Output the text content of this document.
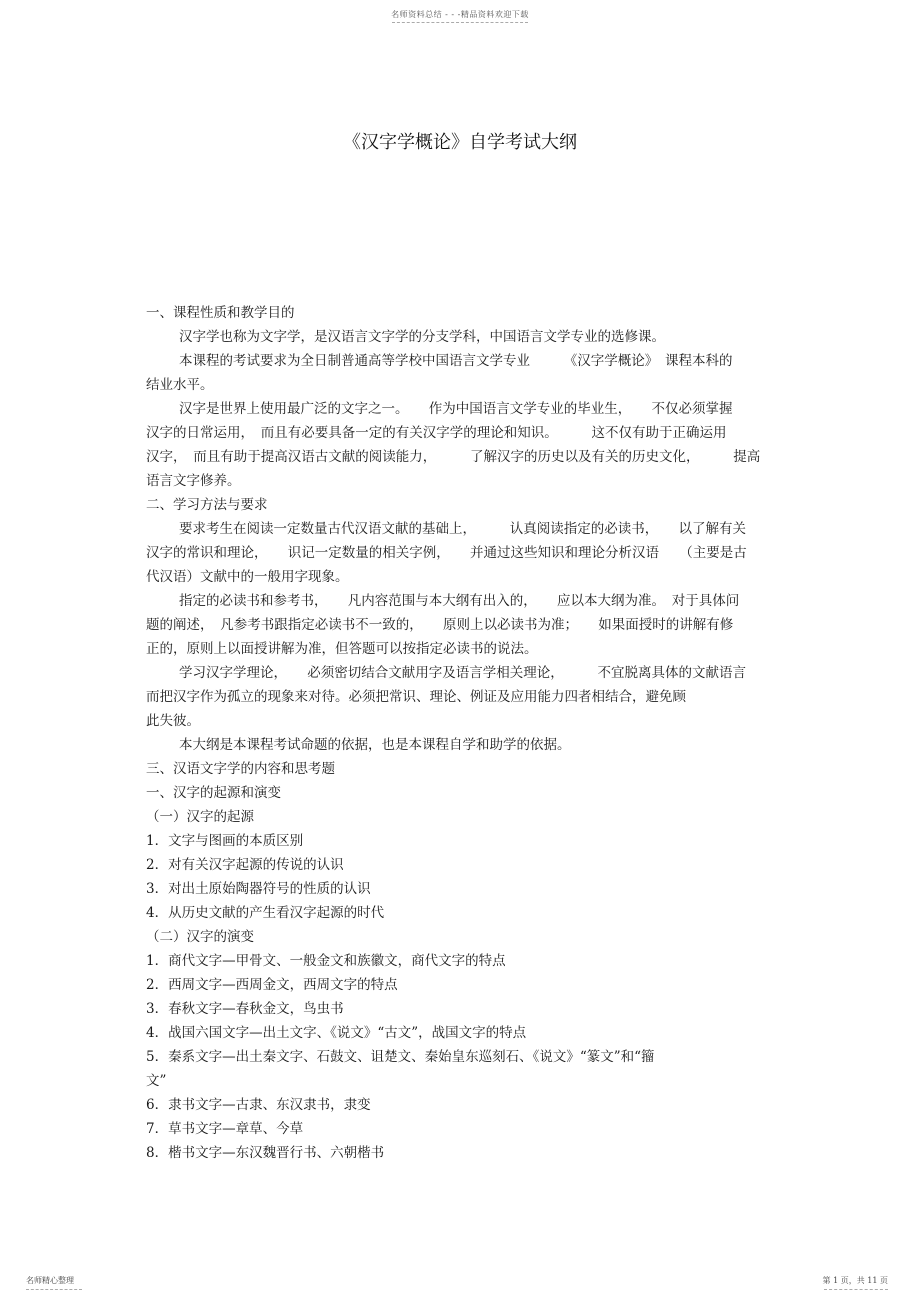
名师资料总结 - - -精品资料欢迎下载
《汉字学概论》自学考试大纲
一、课程性质和教学目的
汉字学也称为文字学，是汉语言文字学的分支学科，中国语言文学专业的选修课。
本课程的考试要求为全日制普通高等学校中国语言文学专业　　　《汉字学概论》　课程本科的
结业水平。
汉字是世界上使用最广泛的文字之一。　　作为中国语言文学专业的毕业生，　　不仅必须掌握
汉字的日常运用，　而且有必要具备一定的有关汉字学的理论和知识。　　　这不仅有助于正确运用
汉字，　而且有助于提高汉语古文献的阅读能力，　　　了解汉字的历史以及有关的历史文化，　　　提高
语言文字修养。
二、学习方法与要求
要求考生在阅读一定数量古代汉语文献的基础上，　　　认真阅读指定的必读书，　　以了解有关
汉字的常识和理论，　　识记一定数量的相关字例，　　并通过这些知识和理论分析汉语　　（主要是古
代汉语）文献中的一般用字现象。
指定的必读书和参考书，　　凡内容范围与本大纲有出入的，　　应以本大纲为准。　对于具体问
题的阐述，　凡参考书跟指定必读书不一致的，　　原则上以必读书为准；　　如果面授时的讲解有修
正的，原则上以面授讲解为准，但答题可以按指定必读书的说法。
学习汉字学理论，　　必须密切结合文献用字及语言学相关理论，　　　不宜脱离具体的文献语言
而把汉字作为孤立的现象来对待。必须把常识、理论、例证及应用能力四者相结合，避免顾
此失彼。
本大纲是本课程考试命题的依据，也是本课程自学和助学的依据。
三、汉语文字学的内容和思考题
一、汉字的起源和演变
（一）汉字的起源
1．文字与图画的本质区别
2．对有关汉字起源的传说的认识
3．对出土原始陶器符号的性质的认识
4．从历史文献的产生看汉字起源的时代
（二）汉字的演变
1．商代文字—甲骨文、一般金文和族徽文，商代文字的特点
2．西周文字—西周金文，西周文字的特点
3．春秋文字—春秋金文，鸟虫书
4．战国六国文字—出土文字、《说文》“古文”，战国文字的特点
5．秦系文字—出土秦文字、石鼓文、诅楚文、秦始皇东巡刻石、《说文》“篆文”和“籀
文”
6．隶书文字—古隶、东汉隶书，隶变
7．草书文字—章草、今草
8．楷书文字—东汉魏晋行书、六朝楷书
名师精心整理	第 1 页，共 11 页
